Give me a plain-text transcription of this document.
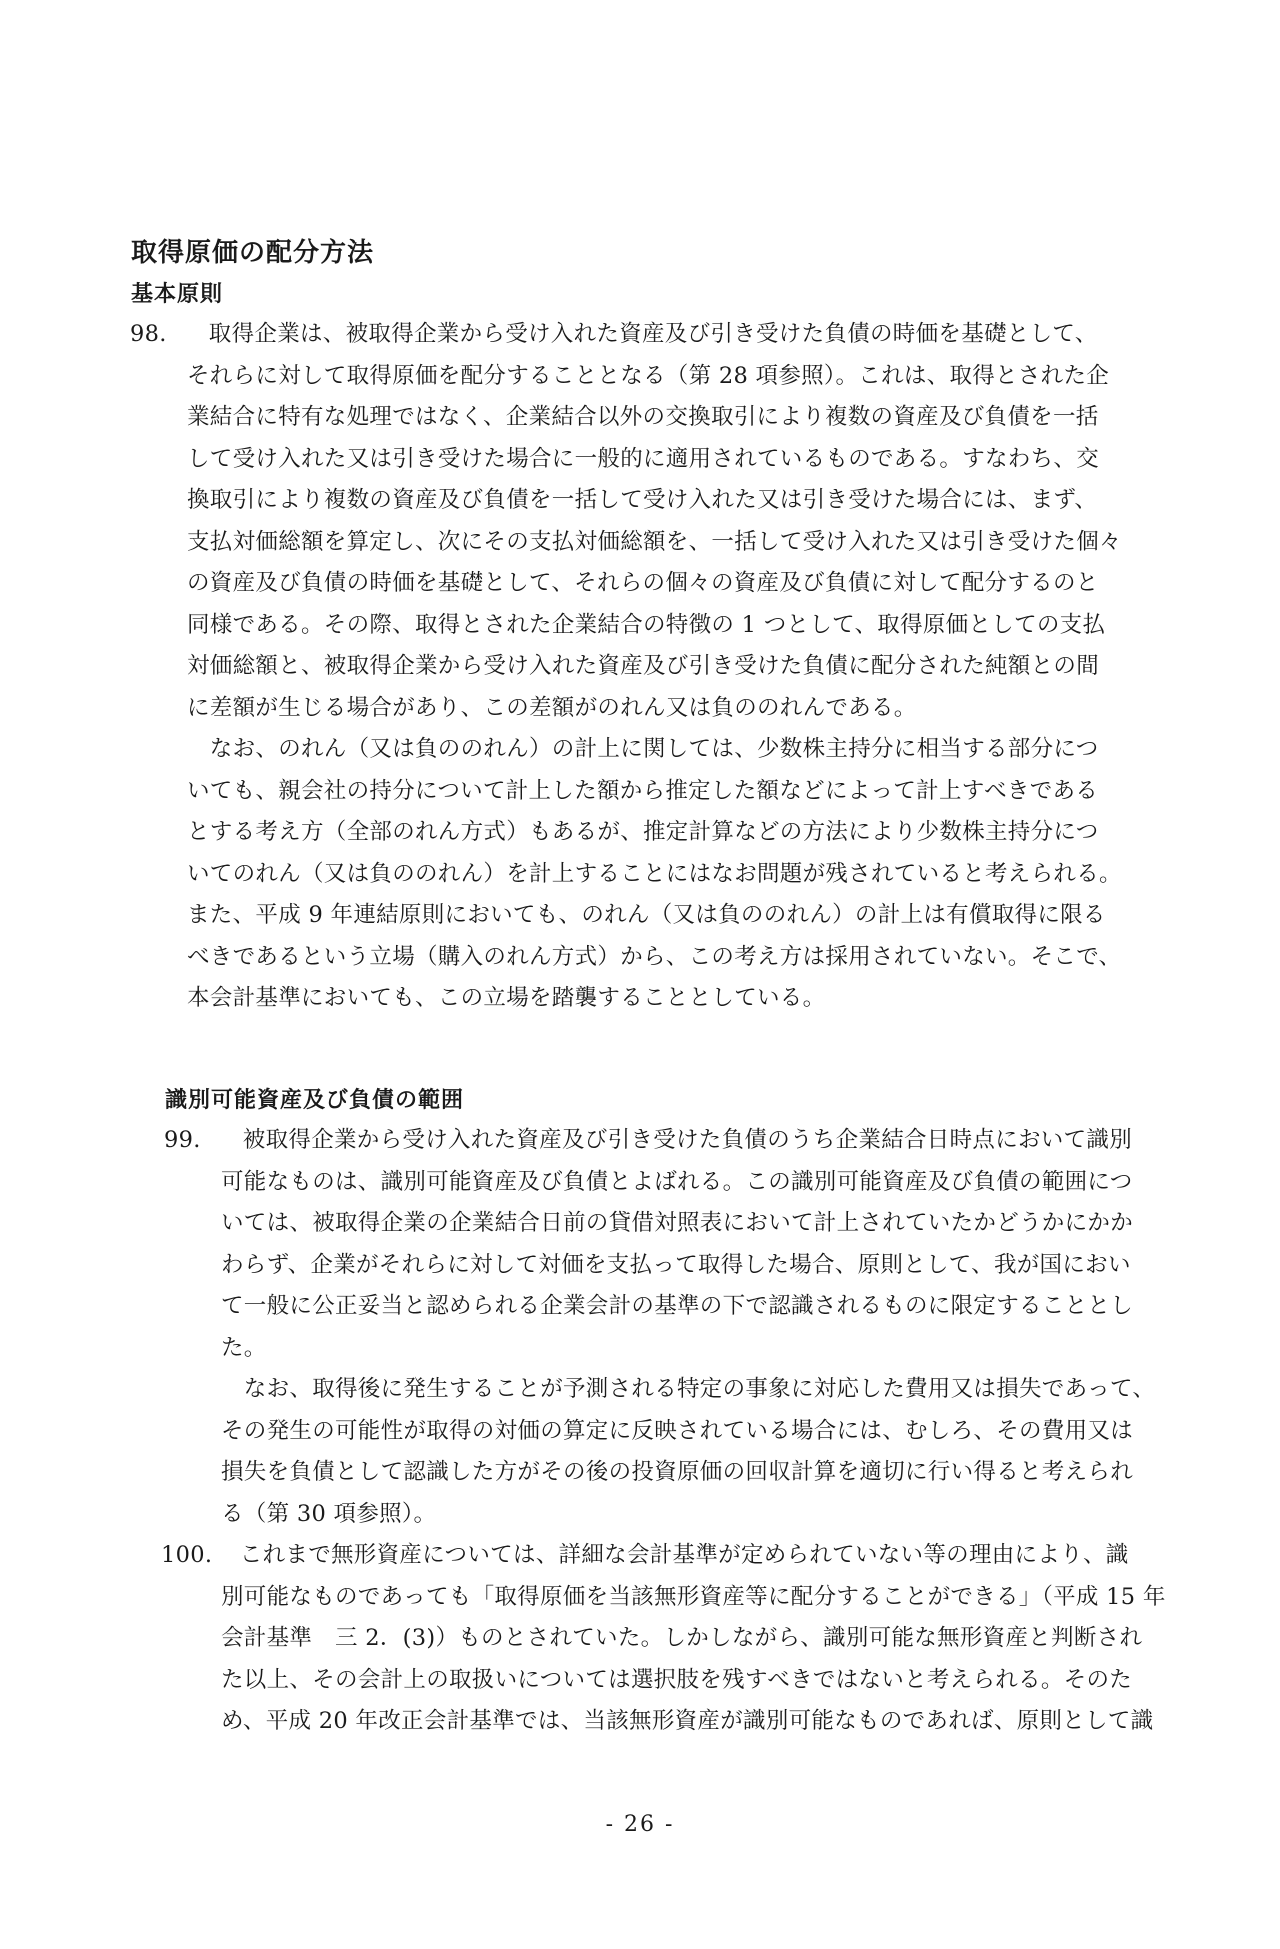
取得原価の配分方法
基本原則
98.　取得企業は、被取得企業から受け入れた資産及び引き受けた負債の時価を基礎として、
それらに対して取得原価を配分することとなる（第 28 項参照）。これは、取得とされた企
業結合に特有な処理ではなく、企業結合以外の交換取引により複数の資産及び負債を一括
して受け入れた又は引き受けた場合に一般的に適用されているものである。すなわち、交
換取引により複数の資産及び負債を一括して受け入れた又は引き受けた場合には、まず、
支払対価総額を算定し、次にその支払対価総額を、一括して受け入れた又は引き受けた個々
の資産及び負債の時価を基礎として、それらの個々の資産及び負債に対して配分するのと
同様である。その際、取得とされた企業結合の特徴の 1 つとして、取得原価としての支払
対価総額と、被取得企業から受け入れた資産及び引き受けた負債に配分された純額との間
に差額が生じる場合があり、この差額がのれん又は負ののれんである。
　なお、のれん（又は負ののれん）の計上に関しては、少数株主持分に相当する部分につ
いても、親会社の持分について計上した額から推定した額などによって計上すべきである
とする考え方（全部のれん方式）もあるが、推定計算などの方法により少数株主持分につ
いてのれん（又は負ののれん）を計上することにはなお問題が残されていると考えられる。
また、平成 9 年連結原則においても、のれん（又は負ののれん）の計上は有償取得に限る
べきであるという立場（購入のれん方式）から、この考え方は採用されていない。そこで、
本会計基準においても、この立場を踏襲することとしている。
識別可能資産及び負債の範囲
99.　被取得企業から受け入れた資産及び引き受けた負債のうち企業結合日時点において識別
可能なものは、識別可能資産及び負債とよばれる。この識別可能資産及び負債の範囲につ
いては、被取得企業の企業結合日前の貸借対照表において計上されていたかどうかにかか
わらず、企業がそれらに対して対価を支払って取得した場合、原則として、我が国におい
て一般に公正妥当と認められる企業会計の基準の下で認識されるものに限定することとし
た。
　なお、取得後に発生することが予測される特定の事象に対応した費用又は損失であって、
その発生の可能性が取得の対価の算定に反映されている場合には、むしろ、その費用又は
損失を負債として認識した方がその後の投資原価の回収計算を適切に行い得ると考えられ
る（第 30 項参照）。
100.　これまで無形資産については、詳細な会計基準が定められていない等の理由により、識
別可能なものであっても「取得原価を当該無形資産等に配分することができる」（平成 15 年
会計基準　三 2．(3)）ものとされていた。しかしながら、識別可能な無形資産と判断され
た以上、その会計上の取扱いについては選択肢を残すべきではないと考えられる。そのた
め、平成 20 年改正会計基準では、当該無形資産が識別可能なものであれば、原則として識
- 26 -
